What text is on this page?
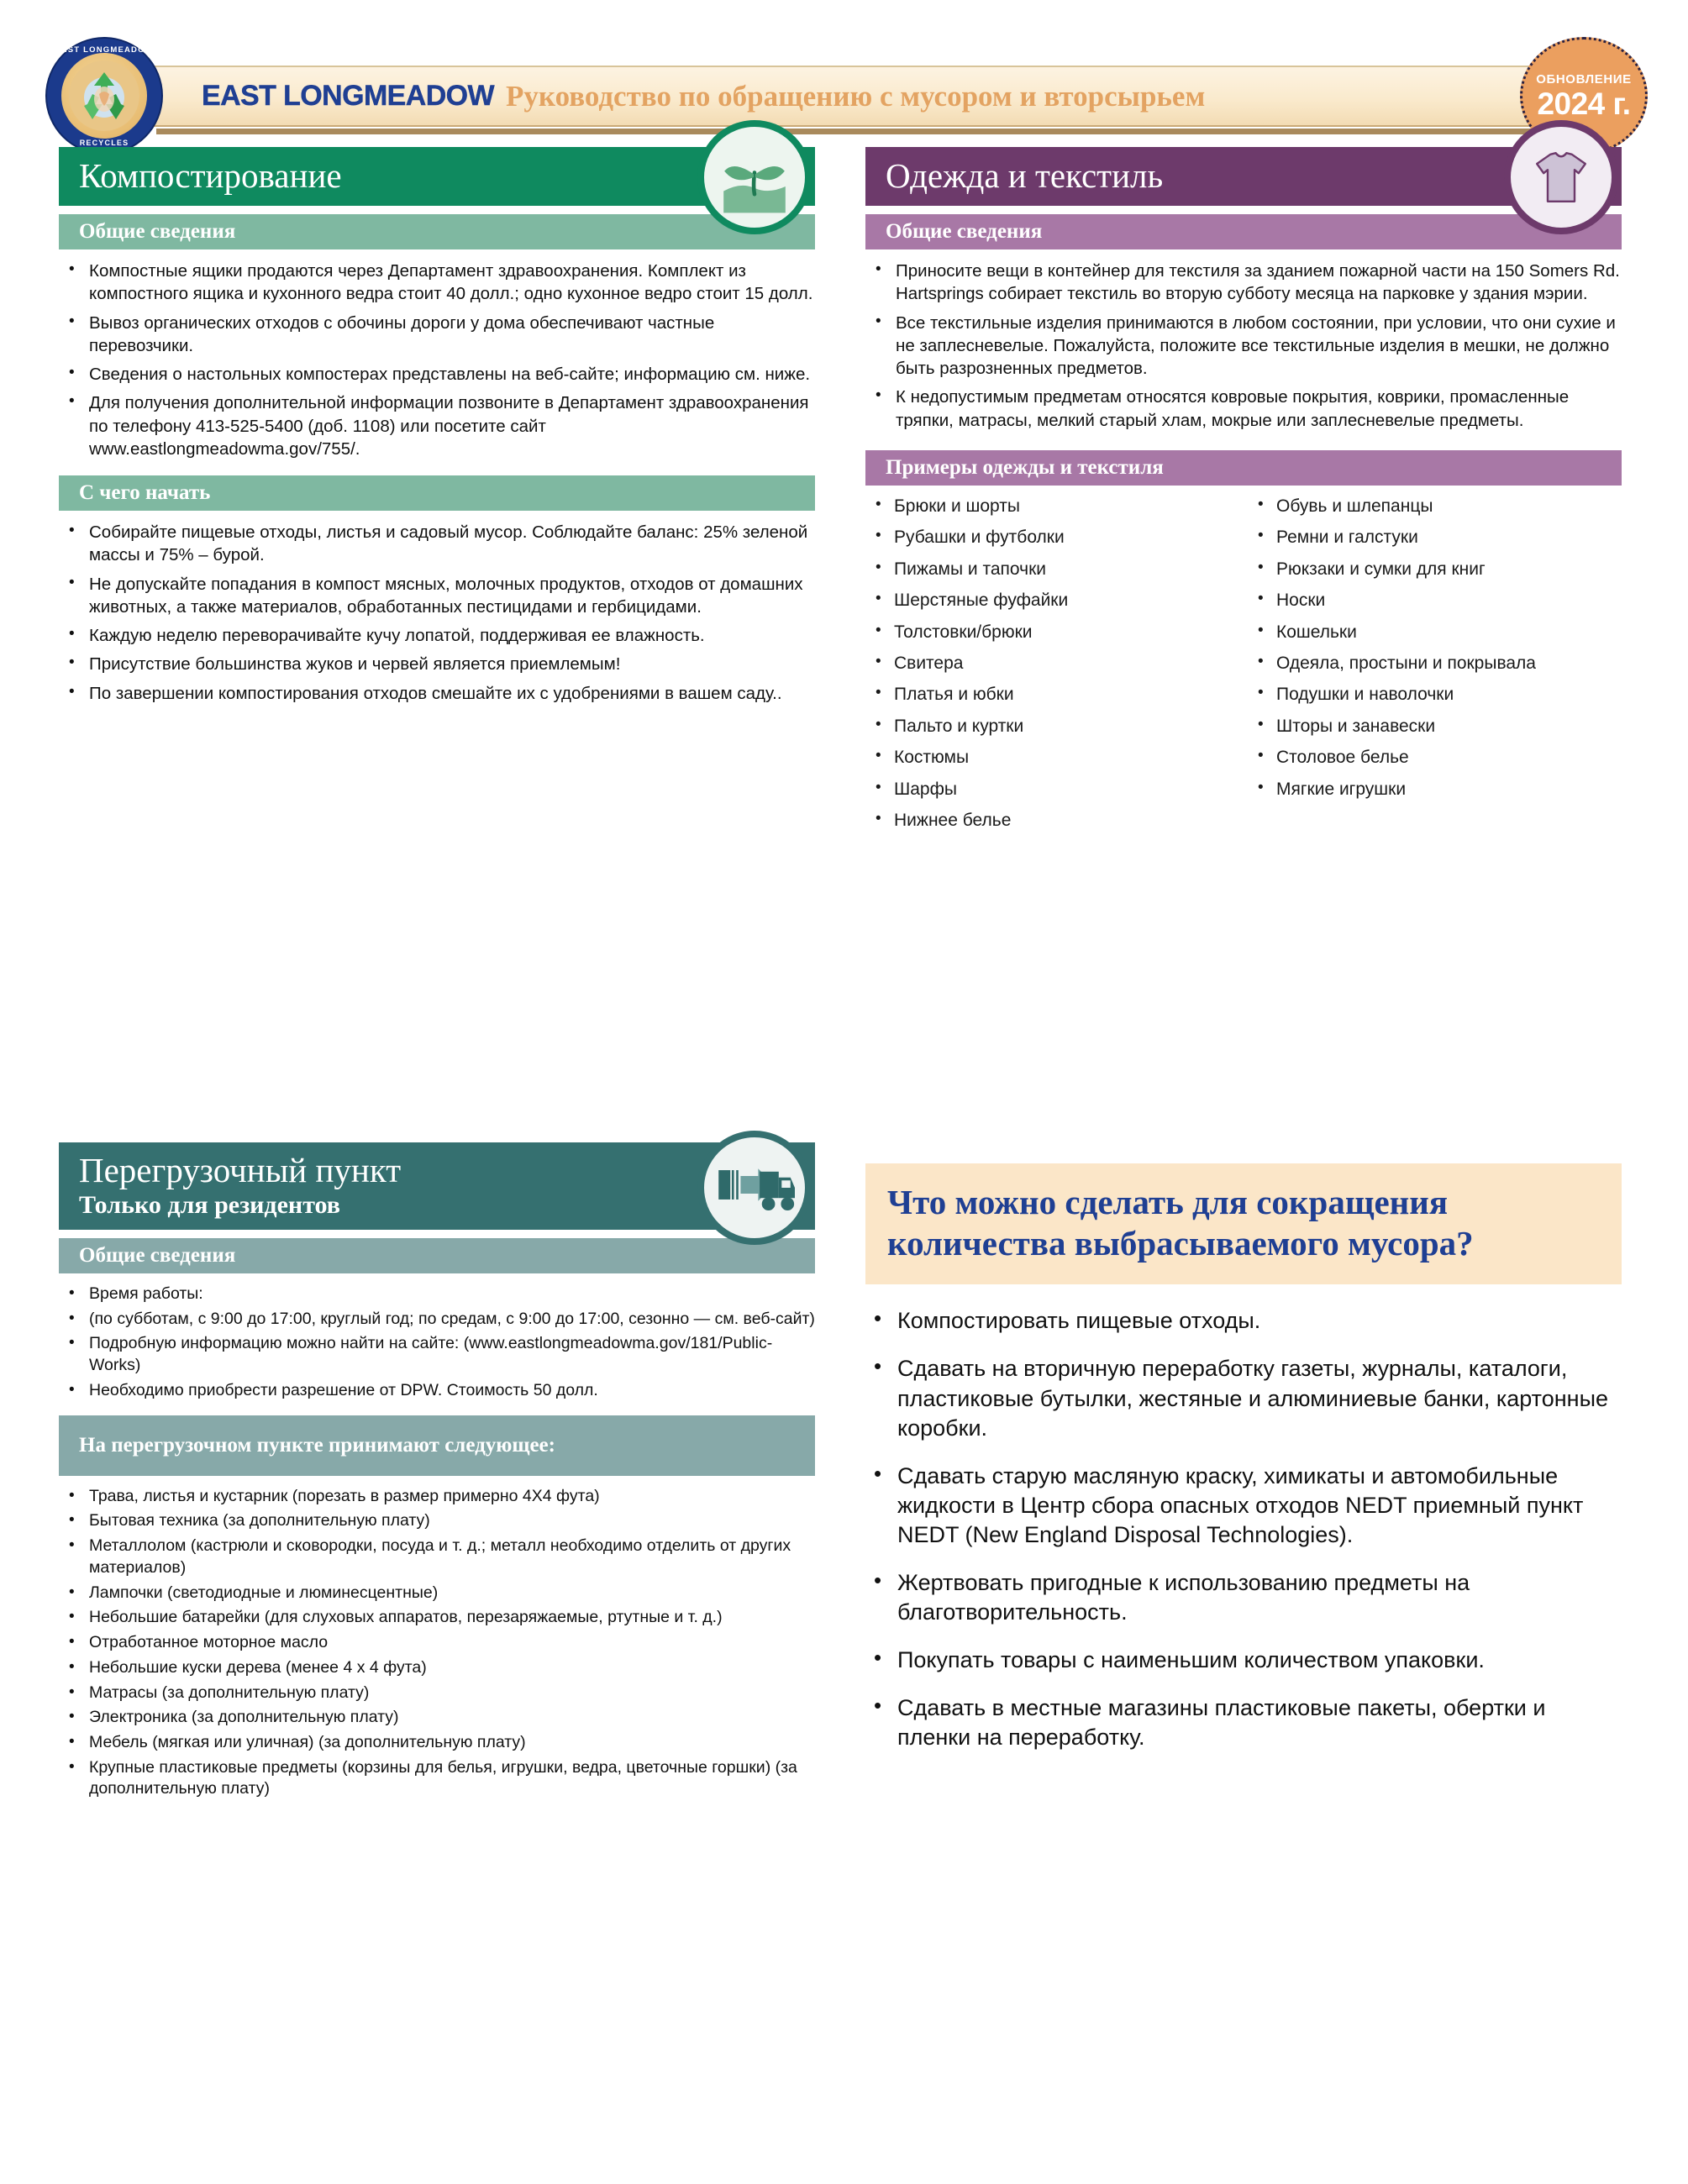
EAST LONGMEADOW Руководство по обращению с мусором и вторсырьем
EAST LONGMEADOW
RECYCLES
ОБНОВЛЕНИЕ
2024 г.
Компостирование
Общие сведения
• Компостные ящики продаются через Департамент здравоохранения. Комплект из компостного ящика и кухонного ведра стоит 40 долл.; одно кухонное ведро стоит 15 долл.
• Вывоз органических отходов с обочины дороги у дома обеспечивают частные перевозчики.
• Сведения о настольных компостерах представлены на веб-сайте; информацию см. ниже.
• Для получения дополнительной информации позвоните в Департамент здравоохранения по телефону 413-525-5400 (доб. 1108) или посетите сайт www.eastlongmeadowma.gov/755/.
С чего начать
• Собирайте пищевые отходы, листья и садовый мусор. Соблюдайте баланс: 25% зеленой массы и 75% – бурой.
• Не допускайте попадания в компост мясных, молочных продуктов, отходов от домашних животных, а также материалов, обработанных пестицидами и гербицидами.
• Каждую неделю переворачивайте кучу лопатой, поддерживая ее влажность.
• Присутствие большинства жуков и червей является приемлемым!
• По завершении компостирования отходов смешайте их с удобрениями в вашем саду..
Перегрузочный пункт
Только для резидентов
Общие сведения
• Время работы:
• (по субботам, с 9:00 до 17:00, круглый год; по средам, с 9:00 до 17:00, сезонно — см. веб-сайт)
• Подробную информацию можно найти на сайте: (www.eastlongmeadowma.gov/181/Public-Works)
• Необходимо приобрести разрешение от DPW. Стоимость 50 долл.
На перегрузочном пункте принимают следующее:
• Трава, листья и кустарник (порезать в размер примерно 4Х4 фута)
• Бытовая техника (за дополнительную плату)
• Металлолом (кастрюли и сковородки, посуда и т. д.; металл необходимо отделить от других материалов)
• Лампочки (светодиодные и люминесцентные)
• Небольшие батарейки (для слуховых аппаратов, перезаряжаемые, ртутные и т. д.)
• Отработанное моторное масло
• Небольшие куски дерева (менее 4 х 4 фута)
• Матрасы (за дополнительную плату)
• Электроника (за дополнительную плату)
• Мебель (мягкая или уличная) (за дополнительную плату)
• Крупные пластиковые предметы (корзины для белья, игрушки, ведра, цветочные горшки) (за дополнительную плату)
Одежда и текстиль
Общие сведения
• Приносите вещи в контейнер для текстиля за зданием пожарной части на 150 Somers Rd. Hartsprings собирает текстиль во вторую субботу месяца на парковке у здания мэрии.
• Все текстильные изделия принимаются в любом состоянии, при условии, что они сухие и не заплесневелые. Пожалуйста, положите все текстильные изделия в мешки, не должно быть разрозненных предметов.
• К недопустимым предметам относятся ковровые покрытия, коврики, промасленные тряпки, матрасы, мелкий старый хлам, мокрые или заплесневелые предметы.
Примеры одежды и текстиля
• Брюки и шорты
• Рубашки и футболки
• Пижамы и тапочки
• Шерстяные фуфайки
• Толстовки/брюки
• Свитера
• Платья и юбки
• Пальто и куртки
• Костюмы
• Шарфы
• Нижнее белье
• Обувь и шлепанцы
• Ремни и галстуки
• Рюкзаки и сумки для книг
• Носки
• Кошельки
• Одеяла, простыни и покрывала
• Подушки и наволочки
• Шторы и занавески
• Столовое белье
• Мягкие игрушки
Что можно сделать для сокращения количества выбрасываемого мусора?
• Компостировать пищевые отходы.
• Сдавать на вторичную переработку газеты, журналы, каталоги, пластиковые бутылки, жестяные и алюминиевые банки, картонные коробки.
• Сдавать старую масляную краску, химикаты и автомобильные жидкости в Центр сбора опасных отходов NEDT приемный пункт NEDT (New England Disposal Technologies).
• Жертвовать пригодные к использованию предметы на благотворительность.
• Покупать товары с наименьшим количеством упаковки.
• Сдавать в местные магазины пластиковые пакеты, обертки и пленки на переработку.
